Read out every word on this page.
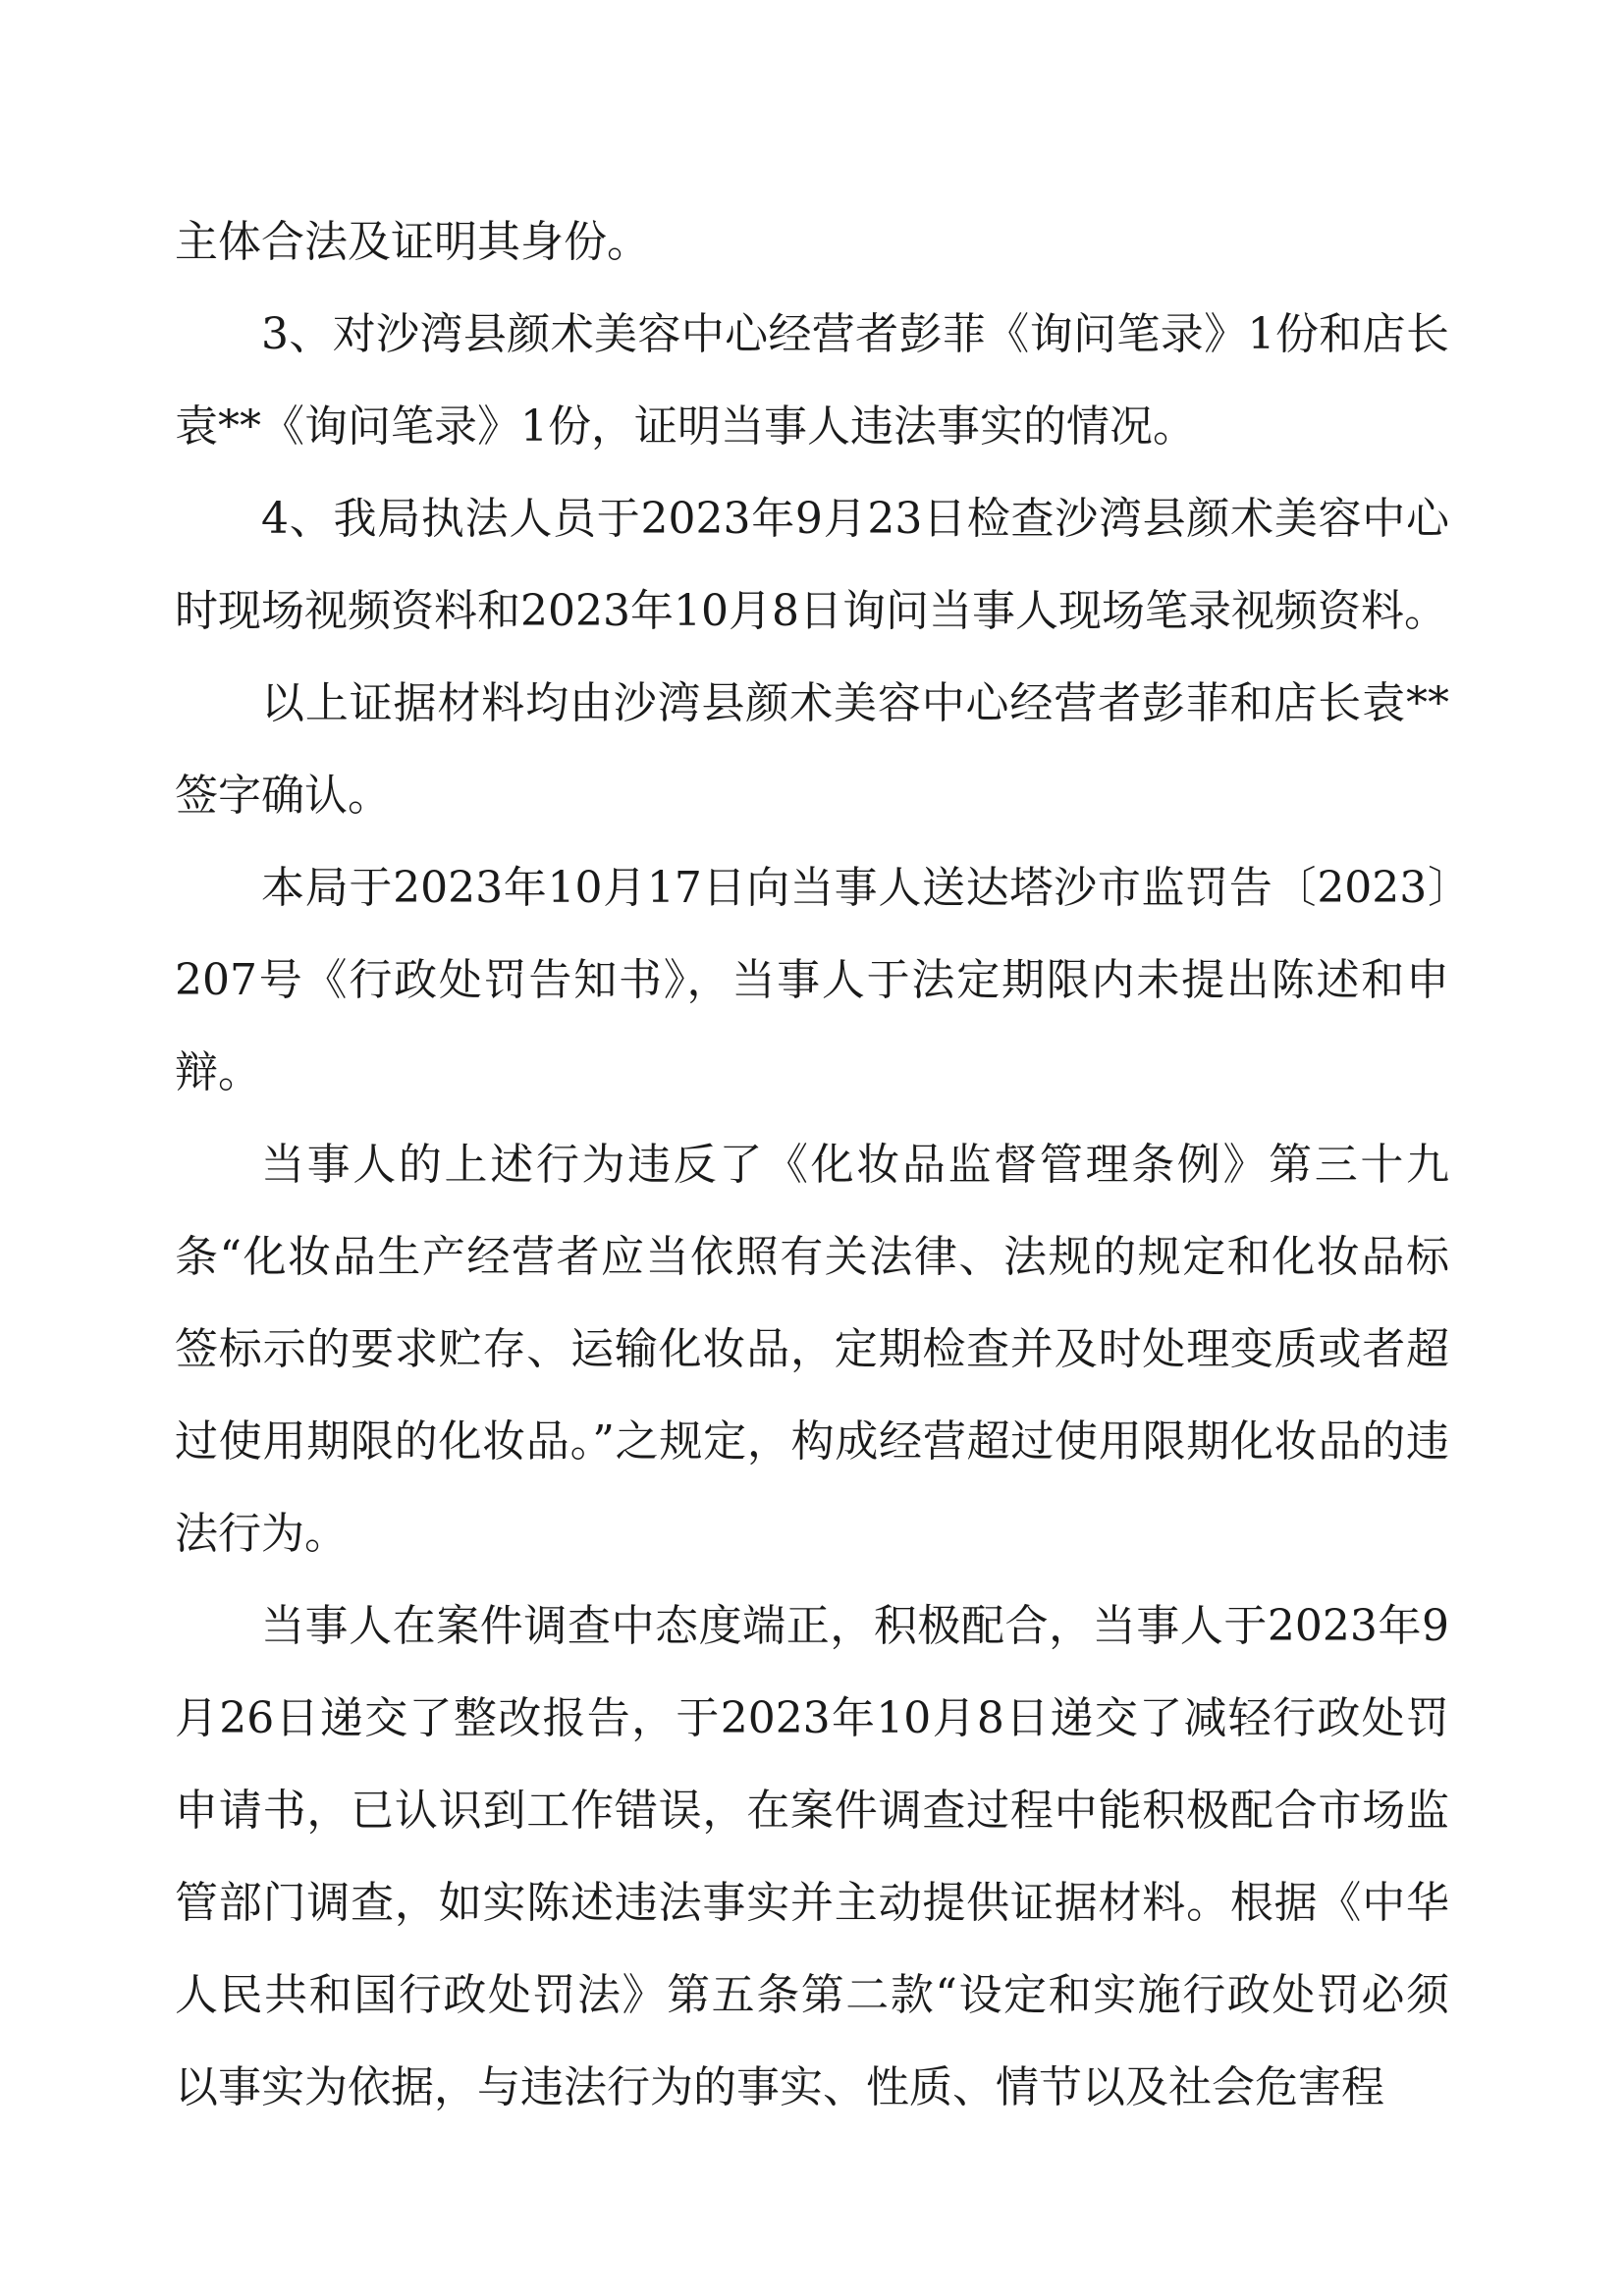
主体合法及证明其身份。

3、对沙湾县颜术美容中心经营者彭菲《询问笔录》1份和店长袁**《询问笔录》1份，证明当事人违法事实的情况。

4、我局执法人员于2023年9月23日检查沙湾县颜术美容中心时现场视频资料和2023年10月8日询问当事人现场笔录视频资料。

以上证据材料均由沙湾县颜术美容中心经营者彭菲和店长袁**签字确认。

本局于2023年10月17日向当事人送达塔沙市监罚告〔2023〕207号《行政处罚告知书》，当事人于法定期限内未提出陈述和申辩。

当事人的上述行为违反了《化妆品监督管理条例》第三十九条“化妆品生产经营者应当依照有关法律、法规的规定和化妆品标签标示的要求贮存、运输化妆品，定期检查并及时处理变质或者超过使用期限的化妆品。”之规定，构成经营超过使用限期化妆品的违法行为。

当事人在案件调查中态度端正，积极配合，当事人于2023年9月26日递交了整改报告，于2023年10月8日递交了减轻行政处罚申请书，已认识到工作错误，在案件调查过程中能积极配合市场监管部门调查，如实陈述违法事实并主动提供证据材料。根据《中华人民共和国行政处罚法》第五条第二款“设定和实施行政处罚必须以事实为依据，与违法行为的事实、性质、情节以及社会危害程
